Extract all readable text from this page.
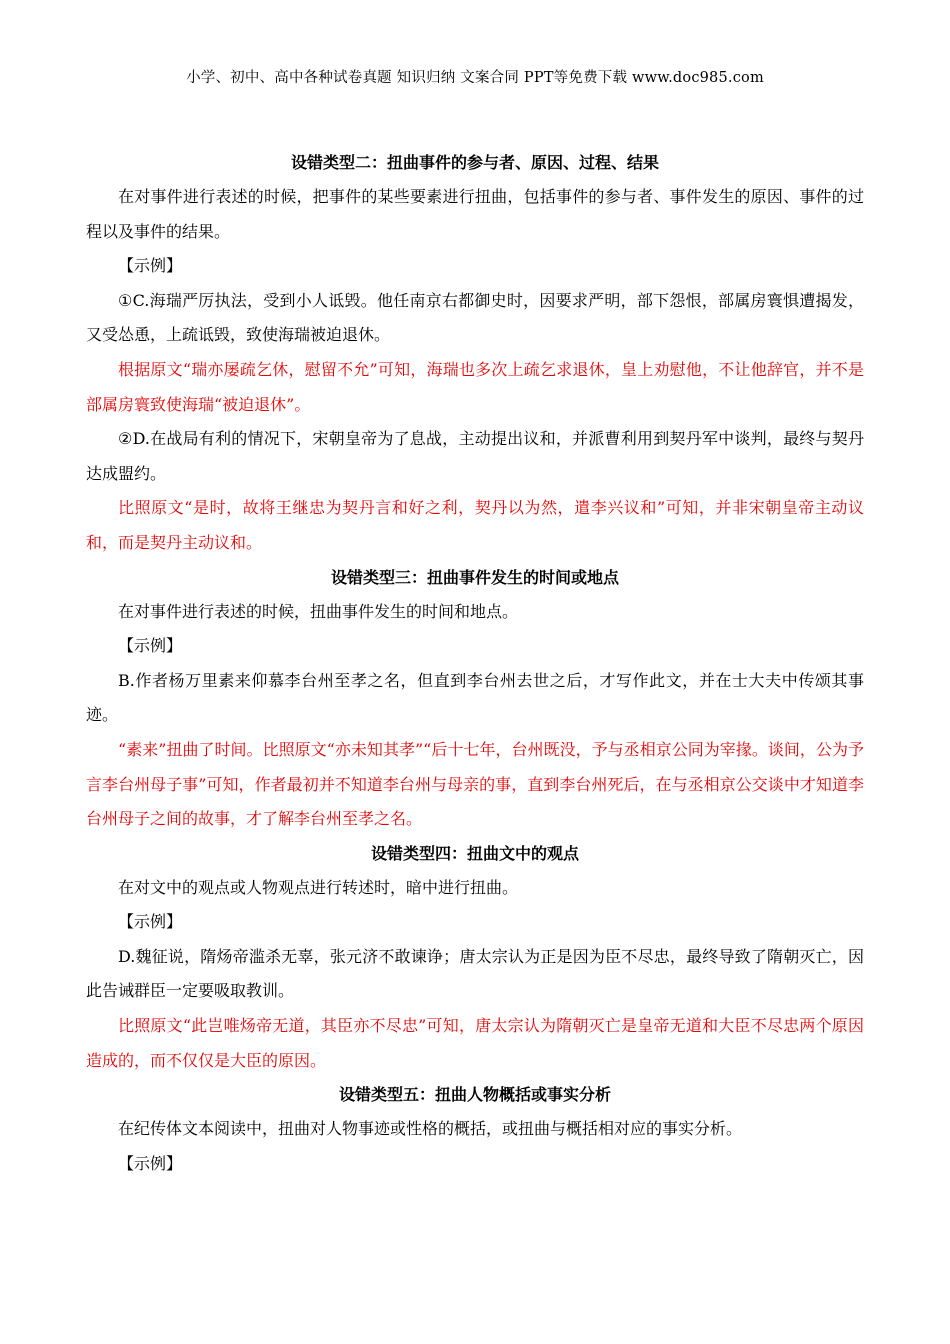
小学、初中、高中各种试卷真题 知识归纳 文案合同 PPT等免费下载 www.doc985.com

设错类型二：扭曲事件的参与者、原因、过程、结果

在对事件进行表述的时候，把事件的某些要素进行扭曲，包括事件的参与者、事件发生的原因、事件的过程以及事件的结果。

【示例】

①C.海瑞严厉执法，受到小人诋毁。他任南京右都御史时，因要求严明，部下怨恨，部属房寰惧遭揭发，又受怂恿，上疏诋毁，致使海瑞被迫退休。

根据原文“瑞亦屡疏乞休，慰留不允”可知，海瑞也多次上疏乞求退休，皇上劝慰他，不让他辞官，并不是部属房寰致使海瑞“被迫退休”。

②D.在战局有利的情况下，宋朝皇帝为了息战，主动提出议和，并派曹利用到契丹军中谈判，最终与契丹达成盟约。

比照原文“是时，故将王继忠为契丹言和好之利，契丹以为然，遣李兴议和”可知，并非宋朝皇帝主动议和，而是契丹主动议和。

设错类型三：扭曲事件发生的时间或地点

在对事件进行表述的时候，扭曲事件发生的时间和地点。

【示例】

B.作者杨万里素来仰慕李台州至孝之名，但直到李台州去世之后，才写作此文，并在士大夫中传颂其事迹。

“素来”扭曲了时间。比照原文“亦未知其孝”“后十七年，台州既没，予与丞相京公同为宰掾。谈间，公为予言李台州母子事”可知，作者最初并不知道李台州与母亲的事，直到李台州死后，在与丞相京公交谈中才知道李台州母子之间的故事，才了解李台州至孝之名。

设错类型四：扭曲文中的观点

在对文中的观点或人物观点进行转述时，暗中进行扭曲。

【示例】

D.魏征说，隋炀帝滥杀无辜，张元济不敢谏诤；唐太宗认为正是因为臣不尽忠，最终导致了隋朝灭亡，因此告诫群臣一定要吸取教训。

比照原文“此岂唯炀帝无道，其臣亦不尽忠”可知，唐太宗认为隋朝灭亡是皇帝无道和大臣不尽忠两个原因造成的，而不仅仅是大臣的原因。

设错类型五：扭曲人物概括或事实分析

在纪传体文本阅读中，扭曲对人物事迹或性格的概括，或扭曲与概括相对应的事实分析。

【示例】
